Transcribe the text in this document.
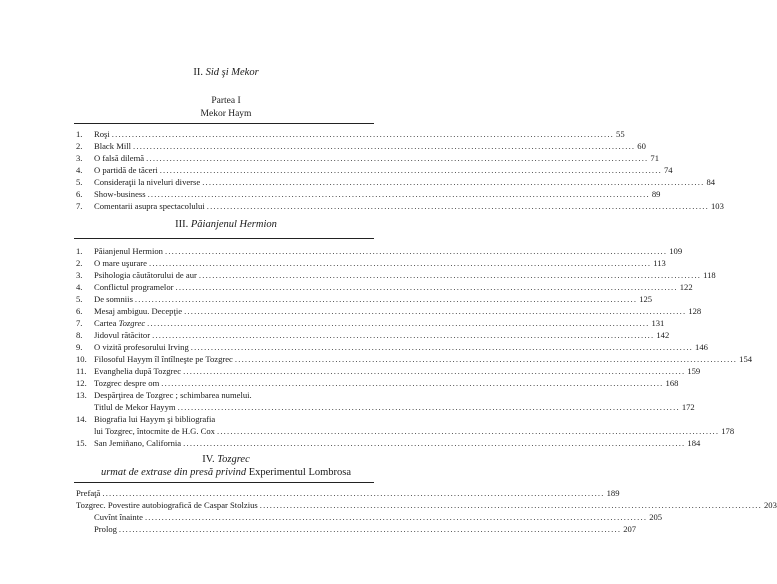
II. Sid şi Mekor
Partea I
Mekor Haym
1.	Roşi ...................................................................................................................................................... 55
2.	Black Mill ...................................................................................................................................................... 60
3.	O falsă dilemă ...................................................................................................................................................... 71
4.	O partidă de tăceri ...................................................................................................................................................... 74
5.	Consideraţii la niveluri diverse ...................................................................................................................................................... 84
6.	Show-business ...................................................................................................................................................... 89
7.	Comentarii asupra spectacolului ...................................................................................................................................................... 103
III. Păianjenul Hermion
1.	Păianjenul Hermion ...................................................................................................................................................... 109
2.	O mare uşurare ...................................................................................................................................................... 113
3.	Psihologia căutătorului de aur ...................................................................................................................................................... 118
4.	Conflictul programelor ...................................................................................................................................................... 122
5.	De somniis ...................................................................................................................................................... 125
6.	Mesaj ambiguu. Decepţie ...................................................................................................................................................... 128
7.	Cartea Tozgrec ...................................................................................................................................................... 131
8.	Jidovul rătăcitor ...................................................................................................................................................... 142
9.	O vizită profesorului Irving ...................................................................................................................................................... 146
10. Filosoful Hayym îl întîlneşte pe Tozgrec ...................................................................................................................................................... 154
11. Evanghelia după Tozgrec ...................................................................................................................................................... 159
12. Tozgrec despre om ...................................................................................................................................................... 168
13. Despărţirea de Tozgrec ; schimbarea numelui.
Titlul de Mekor Hayym ...................................................................................................................................................... 172
14. Biografia lui Hayym şi bibliografia
lui Tozgrec, întocmite de H.G. Cox ...................................................................................................................................................... 178
15. San Jemiñano, California ...................................................................................................................................................... 184
IV. Tozgrec
urmat de extrase din presă privind Experimentul Lombrosa
Prefaţă ...................................................................................................................................................... 189
Tozgrec. Povestire autobiografică de Caspar Stolzius ...................................................................................................................................................... 203
Cuvînt înainte ...................................................................................................................................................... 205
Prolog ...................................................................................................................................................... 207
